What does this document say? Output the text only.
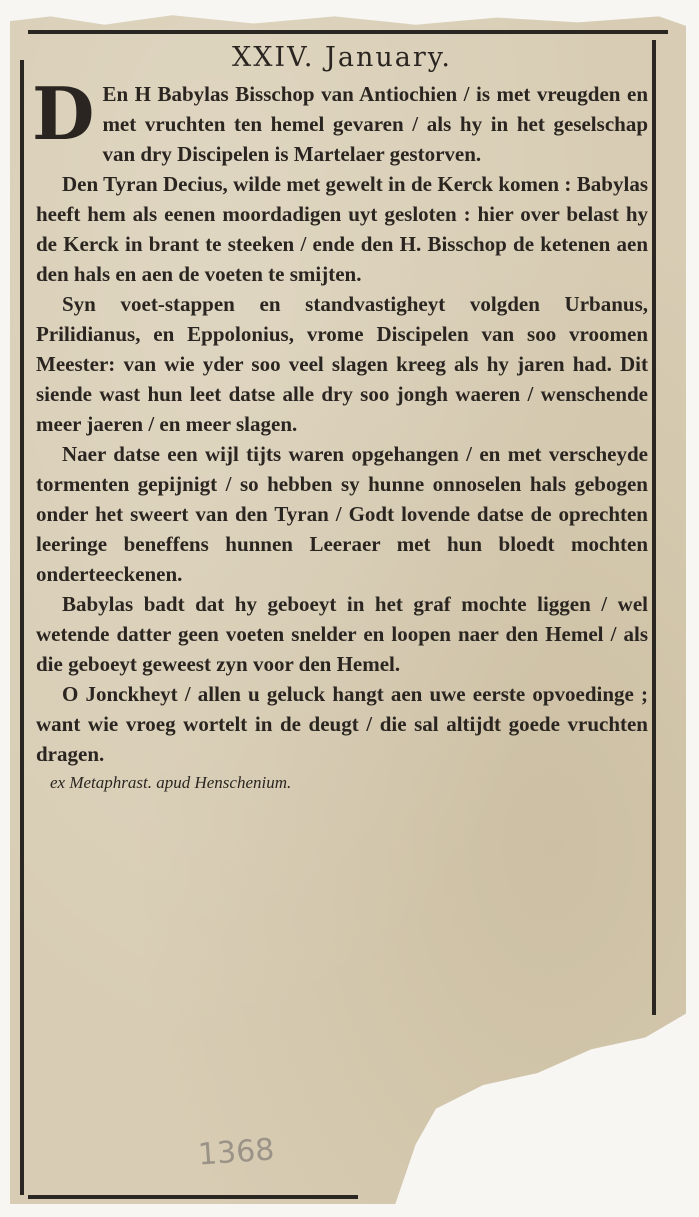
XXIV. January.

D En H Babylas Bisschop van Antiochien / is met vreugden en met vruchten ten hemel gevaren / als hy in het geselschap van dry Discipelen is Martelaer gestorven.

Den Tyran Decius, wilde met gewelt in de Kerck komen : Babylas heeft hem als eenen moordadigen uyt gesloten : hier over belast hy de Kerck in brant te steeken / ende den H. Bisschop de ketenen aen den hals en aen de voeten te smijten.

Syn voet-stappen en standvastigheyt volgden Urbanus, Prilidianus, en Eppolonius, vrome Discipelen van soo vroomen Meester: van wie yder soo veel slagen kreeg als hy jaren had. Dit siende wast hun leet datse alle dry soo jongh waeren / wenschende meer jaeren / en meer slagen.

Naer datse een wijl tijts waren opgehangen / en met verscheyde tormenten gepijnigt / so hebben sy hunne onnoselen hals gebogen onder het sweert van den Tyran / Godt lovende datse de oprechten leeringe beneffens hunnen Leeraer met hun bloedt mochten onderteeckenen.

Babylas badt dat hy geboeyt in het graf mochte liggen / wel wetende datter geen voeten snelder en loopen naer den Hemel / als die geboeyt geweest zyn voor den Hemel.

O Jonckheyt / allen u geluck hangt aen uwe eerste opvoedinge ; want wie vroeg wortelt in de deugt / die sal altijdt goede vruchten dragen.

ex Metaphrast. apud Henschenium.
1368
